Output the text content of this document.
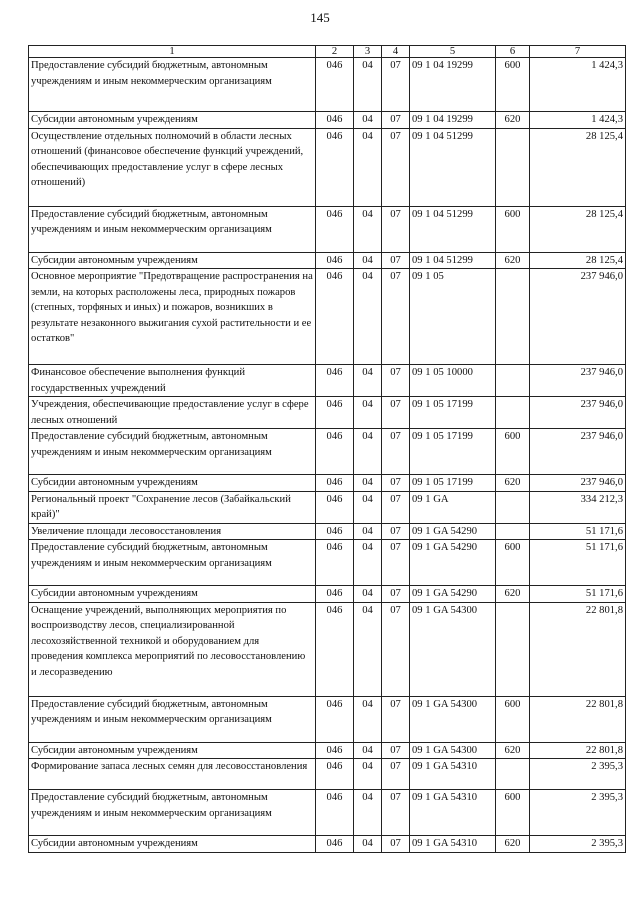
145
1	2	3	4	5	6	7
Предоставление субсидий бюджетным, автономным учреждениям и иным некоммерческим организациям	046	04	07	09 1 04 19299	600	1 424,3
Субсидии автономным учреждениям	046	04	07	09 1 04 19299	620	1 424,3
Осуществление отдельных полномочий в области лесных отношений (финансовое обеспечение функций учреждений, обеспечивающих предоставление услуг в сфере лесных отношений)	046	04	07	09 1 04 51299		28 125,4
Предоставление субсидий бюджетным, автономным учреждениям и иным некоммерческим организациям	046	04	07	09 1 04 51299	600	28 125,4
Субсидии автономным учреждениям	046	04	07	09 1 04 51299	620	28 125,4
Основное мероприятие "Предотвращение распространения на земли, на которых расположены леса, природных пожаров (степных, торфяных и иных) и пожаров, возникших в результате незаконного выжигания сухой растительности и ее остатков"	046	04	07	09 1 05		237 946,0
Финансовое обеспечение выполнения функций государственных учреждений	046	04	07	09 1 05 10000		237 946,0
Учреждения, обеспечивающие предоставление услуг в сфере лесных отношений	046	04	07	09 1 05 17199		237 946,0
Предоставление субсидий бюджетным, автономным учреждениям и иным некоммерческим организациям	046	04	07	09 1 05 17199	600	237 946,0
Субсидии автономным учреждениям	046	04	07	09 1 05 17199	620	237 946,0
Региональный проект "Сохранение лесов (Забайкальский край)"	046	04	07	09 1 GA		334 212,3
Увеличение площади лесовосстановления	046	04	07	09 1 GA 54290		51 171,6
Предоставление субсидий бюджетным, автономным учреждениям и иным некоммерческим организациям	046	04	07	09 1 GA 54290	600	51 171,6
Субсидии автономным учреждениям	046	04	07	09 1 GA 54290	620	51 171,6
Оснащение учреждений, выполняющих мероприятия по воспроизводству лесов, специализированной лесохозяйственной техникой и оборудованием для проведения комплекса мероприятий по лесовосстановлению и лесоразведению	046	04	07	09 1 GA 54300		22 801,8
Предоставление субсидий бюджетным, автономным учреждениям и иным некоммерческим организациям	046	04	07	09 1 GA 54300	600	22 801,8
Субсидии автономным учреждениям	046	04	07	09 1 GA 54300	620	22 801,8
Формирование запаса лесных семян для лесовосстановления	046	04	07	09 1 GA 54310		2 395,3
Предоставление субсидий бюджетным, автономным учреждениям и иным некоммерческим организациям	046	04	07	09 1 GA 54310	600	2 395,3
Субсидии автономным учреждениям	046	04	07	09 1 GA 54310	620	2 395,3
